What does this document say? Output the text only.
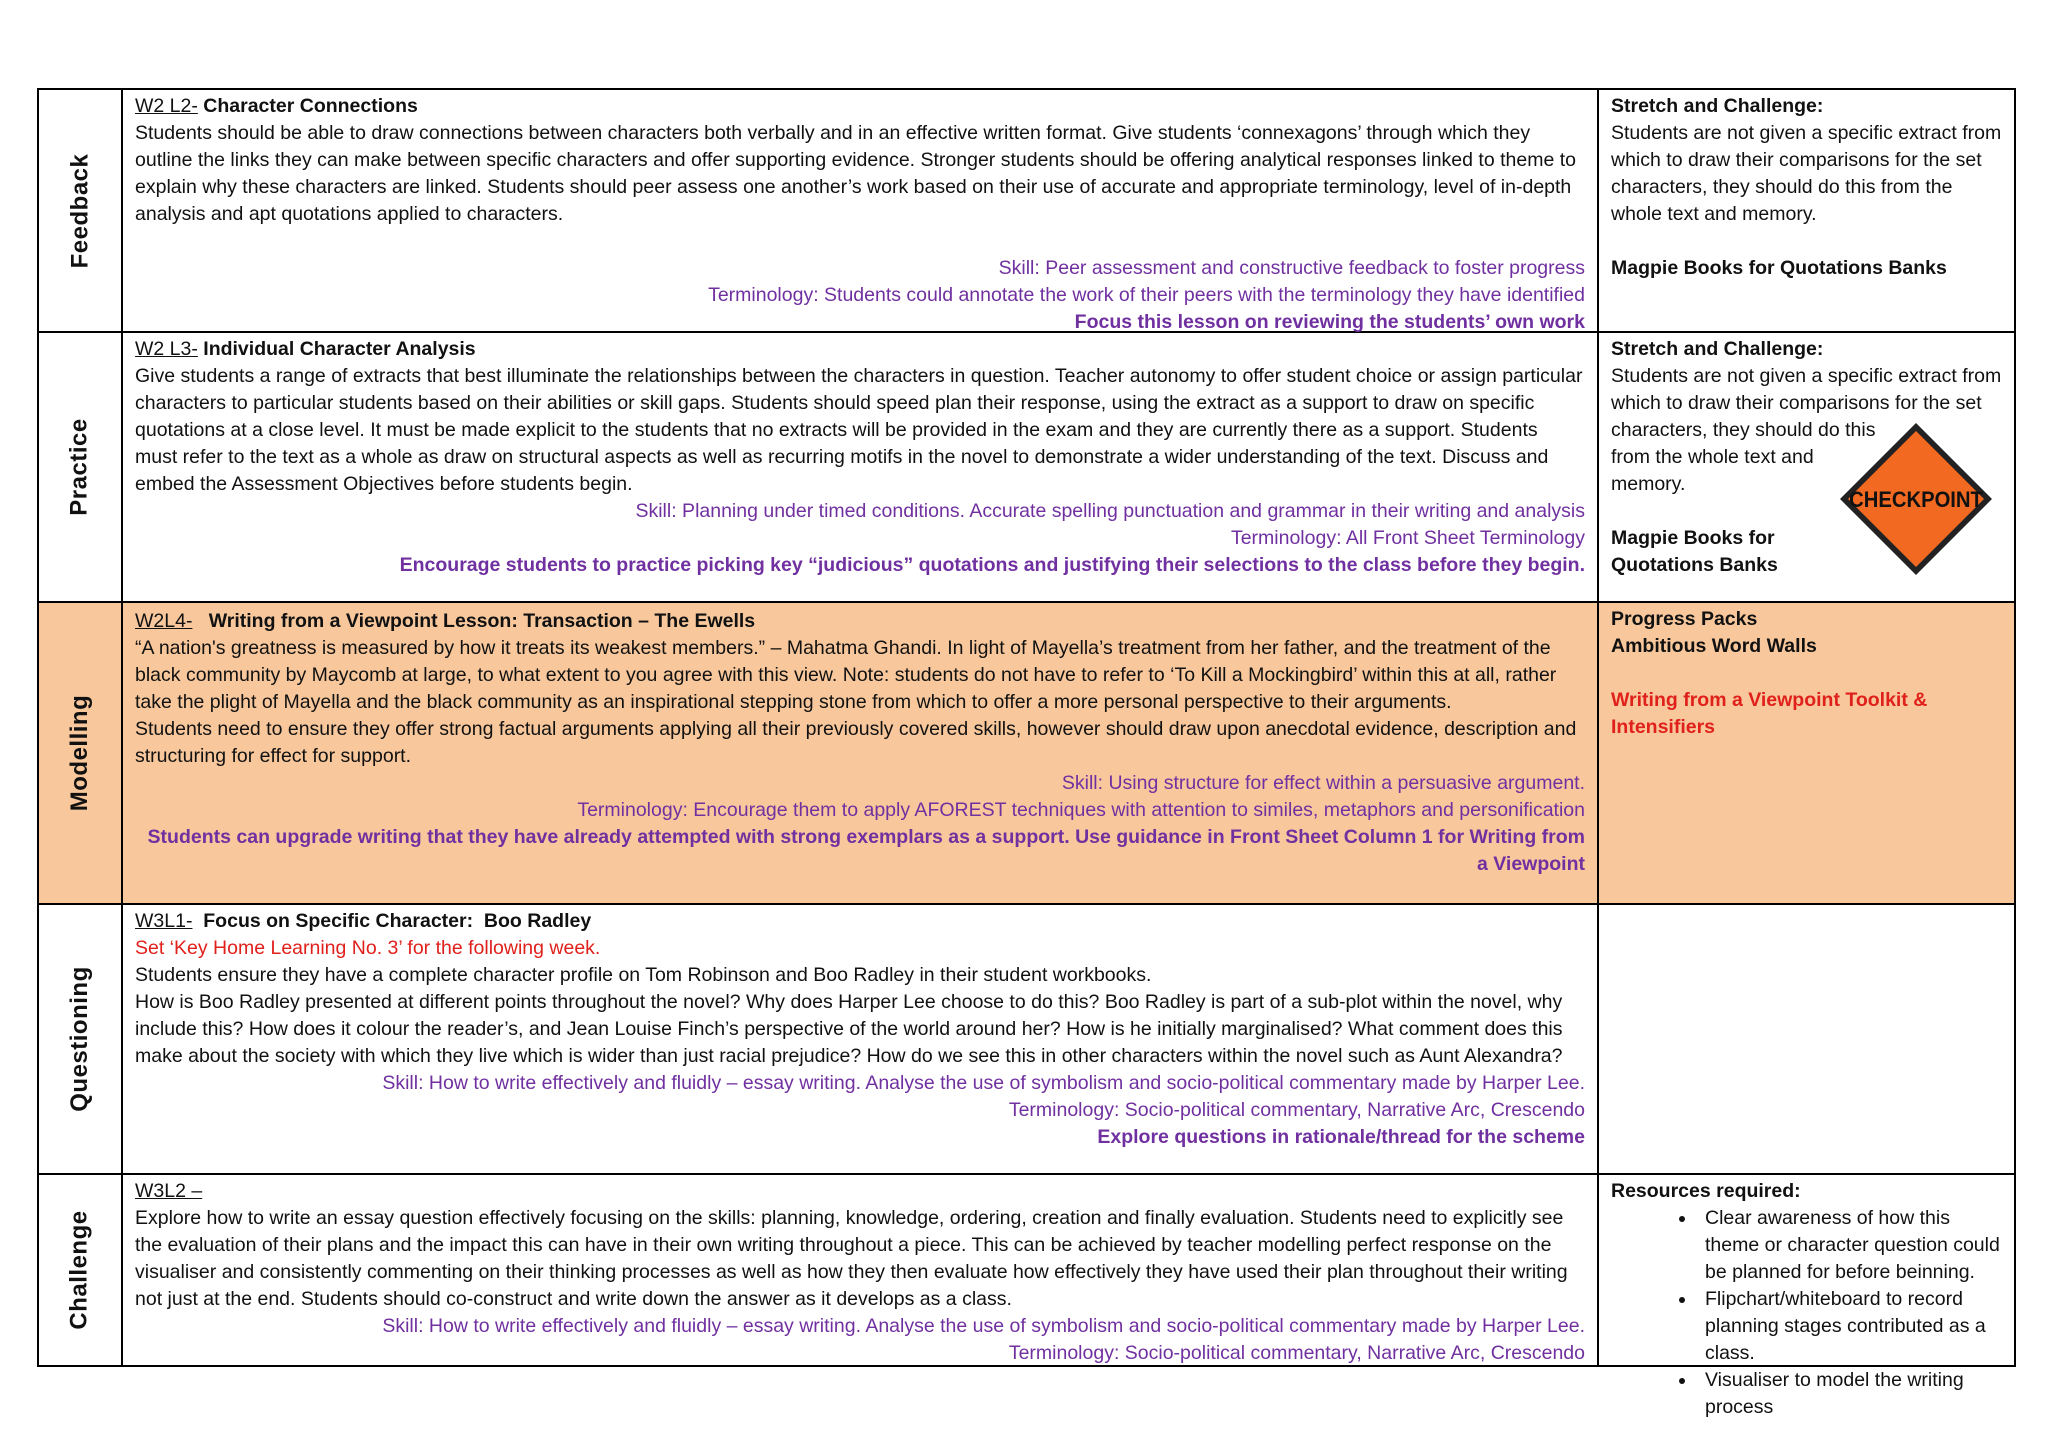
Feedback
W2 L2- Character Connections

Students should be able to draw connections between characters both verbally and in an effective written format. Give students ‘connexagons’ through which they outline the links they can make between specific characters and offer supporting evidence. Stronger students should be offering analytical responses linked to theme to explain why these characters are linked. Students should peer assess one another’s work based on their use of accurate and appropriate terminology, level of in-depth analysis and apt quotations applied to characters.

Skill: Peer assessment and constructive feedback to foster progress

Terminology: Students could annotate the work of their peers with the terminology they have identified

Focus this lesson on reviewing the students’ own work

Stretch and Challenge:
Students are not given a specific extract from which to draw their comparisons for the set characters, they should do this from the whole text and memory.
Magpie Books for Quotations Banks
Practice
W2 L3- Individual Character Analysis

Give students a range of extracts that best illuminate the relationships between the characters in question. Teacher autonomy to offer student choice or assign particular characters to particular students based on their abilities or skill gaps. Students should speed plan their response, using the extract as a support to draw on specific quotations at a close level. It must be made explicit to the students that no extracts will be provided in the exam and they are currently there as a support. Students must refer to the text as a whole as draw on structural aspects as well as recurring motifs in the novel to demonstrate a wider understanding of the text. Discuss and embed the Assessment Objectives before students begin.

Skill: Planning under timed conditions. Accurate spelling punctuation and grammar in their writing and analysis

Terminology: All Front Sheet Terminology

Encourage students to practice picking key “judicious” quotations and justifying their selections to the class before they begin.

Stretch and Challenge:
Students are not given a specific extract from
which to draw their comparisons for the set
characters, they should do this
from the whole text and
memory.
Magpie Books for
Quotations Banks
CHECKPOINT
Modelling
W2L4-   Writing from a Viewpoint Lesson: Transaction – The Ewells

“A nation's greatness is measured by how it treats its weakest members.” – Mahatma Ghandi. In light of Mayella’s treatment from her father, and the treatment of the black community by Maycomb at large, to what extent to you agree with this view. Note: students do not have to refer to ‘To Kill a Mockingbird’ within this at all, rather take the plight of Mayella and the black community as an inspirational stepping stone from which to offer a more personal perspective to their arguments.

Students need to ensure they offer strong factual arguments applying all their previously covered skills, however should draw upon anecdotal evidence, description and structuring for effect for support.

Skill: Using structure for effect within a persuasive argument.

Terminology: Encourage them to apply AFOREST techniques with attention to similes, metaphors and personification

Students can upgrade writing that they have already attempted with strong exemplars as a support. Use guidance in Front Sheet Column 1 for Writing from a Viewpoint

Progress Packs
Ambitious Word Walls
Writing from a Viewpoint Toolkit & Intensifiers
Questioning
W3L1-  Focus on Specific Character:  Boo Radley

Set ‘Key Home Learning No. 3’ for the following week.

Students ensure they have a complete character profile on Tom Robinson and Boo Radley in their student workbooks.

How is Boo Radley presented at different points throughout the novel? Why does Harper Lee choose to do this? Boo Radley is part of a sub-plot within the novel, why include this? How does it colour the reader’s, and Jean Louise Finch’s perspective of the world around her? How is he initially marginalised? What comment does this make about the society with which they live which is wider than just racial prejudice? How do we see this in other characters within the novel such as Aunt Alexandra?

Skill: How to write effectively and fluidly – essay writing. Analyse the use of symbolism and socio-political commentary made by Harper Lee.

Terminology: Socio-political commentary, Narrative Arc, Crescendo

Explore questions in rationale/thread for the scheme

Challenge
W3L2 –

Explore how to write an essay question effectively focusing on the skills: planning, knowledge, ordering, creation and finally evaluation. Students need to explicitly see the evaluation of their plans and the impact this can have in their own writing throughout a piece. This can be achieved by teacher modelling perfect response on the visualiser and consistently commenting on their thinking processes as well as how they then evaluate how effectively they have used their plan throughout their writing not just at the end. Students should co-construct and write down the answer as it develops as a class.

Skill: How to write effectively and fluidly – essay writing. Analyse the use of symbolism and socio-political commentary made by Harper Lee.

Terminology: Socio-political commentary, Narrative Arc, Crescendo

Resources required:
• Clear awareness of how this theme or character question could be planned for before beinning.
• Flipchart/whiteboard to record planning stages contributed as a class.
• Visualiser to model the writing process
